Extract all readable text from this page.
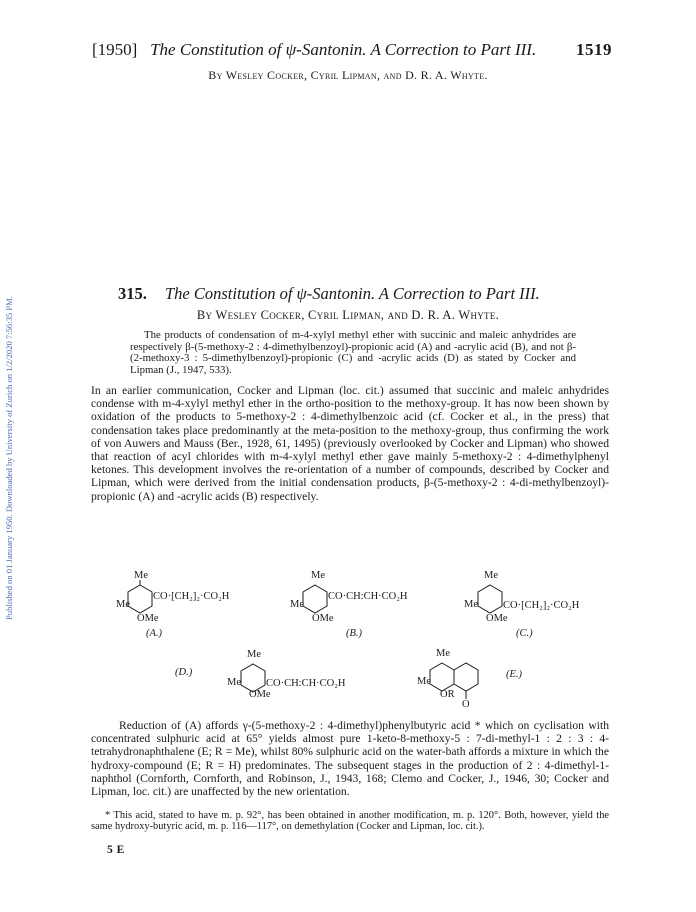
Published on 01 January 1950. Downloaded by University of Zurich on 1/2/2020 7:56:35 PM.
[1950] The Constitution of ψ-Santonin. A Correction to Part III. 1519
By Wesley Cocker, Cyril Lipman, and D. R. A. Whyte.
315. The Constitution of ψ-Santonin. A Correction to Part III.
By Wesley Cocker, Cyril Lipman, and D. R. A. Whyte.
The products of condensation of m-4-xylyl methyl ether with succinic and maleic anhydrides are respectively β-(5-methoxy-2 : 4-dimethylbenzoyl)-propionic acid (A) and -acrylic acid (B), and not β-(2-methoxy-3 : 5-dimethylbenzoyl)-propionic (C) and -acrylic acids (D) as stated by Cocker and Lipman (J., 1947, 533).
In an earlier communication, Cocker and Lipman (loc. cit.) assumed that succinic and maleic anhydrides condense with m-4-xylyl methyl ether in the ortho-position to the methoxy-group. It has now been shown by oxidation of the products to 5-methoxy-2 : 4-dimethylbenzoic acid (cf. Cocker et al., in the press) that condensation takes place predominantly at the meta-position to the methoxy-group, thus confirming the work of von Auwers and Mauss (Ber., 1928, 61, 1495) (previously overlooked by Cocker and Lipman) who showed that reaction of acyl chlorides with m-4-xylyl methyl ether gave mainly 5-methoxy-2 : 4-dimethylphenyl ketones. This development involves the re-orientation of a number of compounds, described by Cocker and Lipman, which were derived from the initial condensation products, β-(5-methoxy-2 : 4-di-methylbenzoyl)-propionic (A) and -acrylic acids (B) respectively.
Me
Me
CO·[CH₂]₂·CO₂H
OMe
(A.)
Me
Me
CO·CH:CH·CO₂H
OMe
(B.)
Me
Me CO·[CH₂]₂·CO₂H
OMe
(C.)
(D.)
Me
Me CO·CH:CH·CO₂H
OMe
Me
Me
OR
O
(E.)
Reduction of (A) affords γ-(5-methoxy-2 : 4-dimethyl)phenylbutyric acid * which on cyclisation with concentrated sulphuric acid at 65° yields almost pure 1-keto-8-methoxy-5 : 7-di-methyl-1 : 2 : 3 : 4-tetrahydronaphthalene (E; R = Me), whilst 80% sulphuric acid on the water-bath affords a mixture in which the hydroxy-compound (E; R = H) predominates. The subsequent stages in the production of 2 : 4-dimethyl-1-naphthol (Cornforth, Cornforth, and Robinson, J., 1943, 168; Clemo and Cocker, J., 1946, 30; Cocker and Lipman, loc. cit.) are unaffected by the new orientation.
* This acid, stated to have m. p. 92°, has been obtained in another modification, m. p. 120°. Both, however, yield the same hydroxy-butyric acid, m. p. 116—117°, on demethylation (Cocker and Lipman, loc. cit.).
5 E
